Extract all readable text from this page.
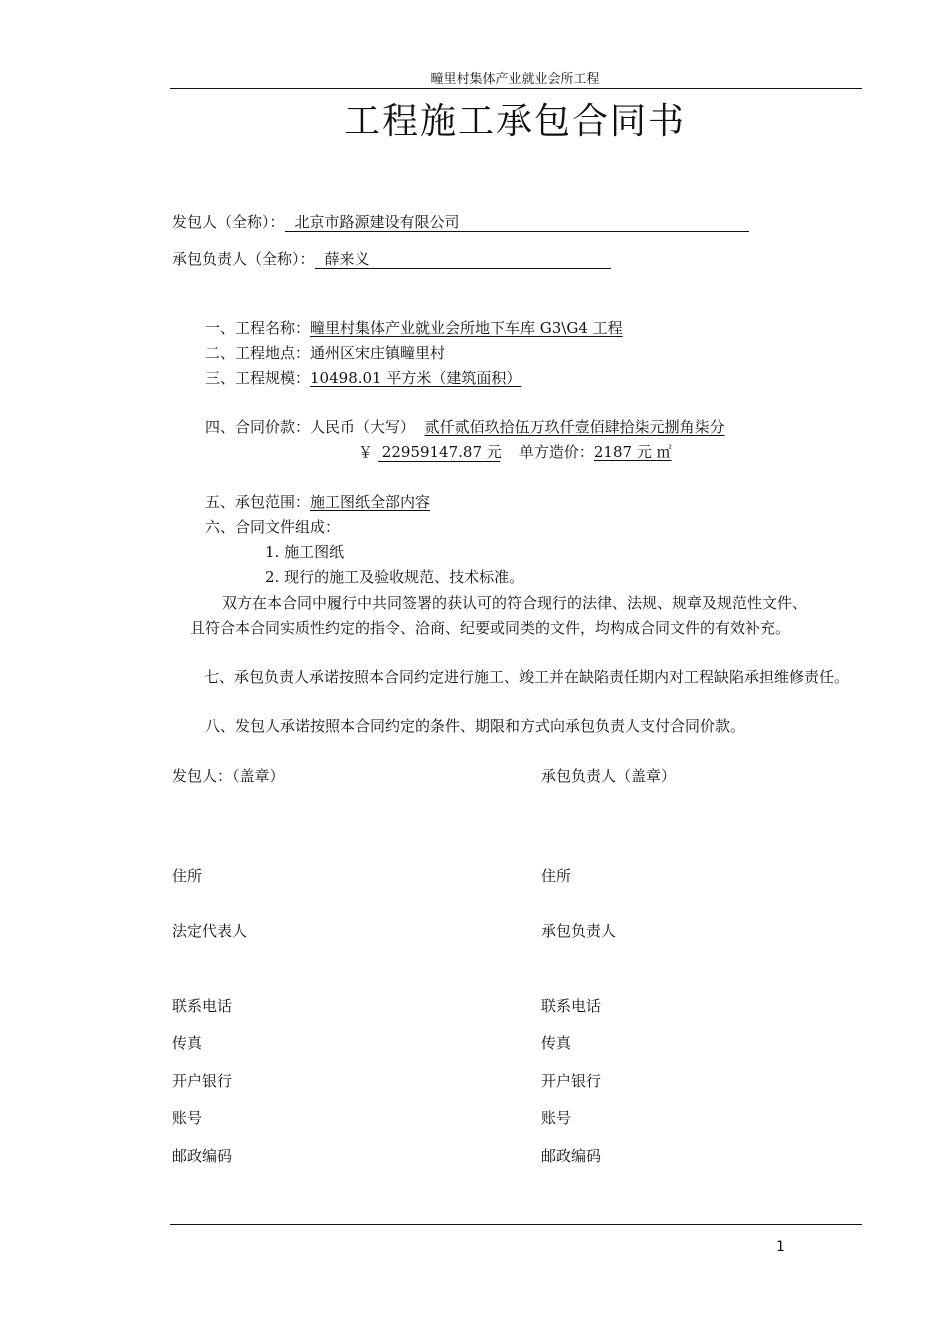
疃里村集体产业就业会所工程
工程施工承包合同书
发包人（全称）： 北京市路源建设有限公司
承包负责人（全称）： 薛来义
一、工程名称：疃里村集体产业就业会所地下车库 G3\G4 工程
二、工程地点：通州区宋庄镇疃里村
三、工程规模：10498.01 平方米（建筑面积）
四、合同价款：人民币（大写） 贰仟贰佰玖拾伍万玖仟壹佰肆拾柒元捌角柒分
￥ 22959147.87 元 单方造价：2187 元 ㎡
五、承包范围：施工图纸全部内容
六、合同文件组成：
1. 施工图纸
2. 现行的施工及验收规范、技术标准。
双方在本合同中履行中共同签署的获认可的符合现行的法律、法规、规章及规范性文件、
且符合本合同实质性约定的指令、洽商、纪要或同类的文件，均构成合同文件的有效补充。
七、承包负责人承诺按照本合同约定进行施工、竣工并在缺陷责任期内对工程缺陷承担维修责任。
八、发包人承诺按照本合同约定的条件、期限和方式向承包负责人支付合同价款。
发包人：（盖章）
住所
法定代表人
联系电话
传真
开户银行
账号
邮政编码
承包负责人（盖章）
住所
承包负责人
联系电话
传真
开户银行
账号
邮政编码
1
